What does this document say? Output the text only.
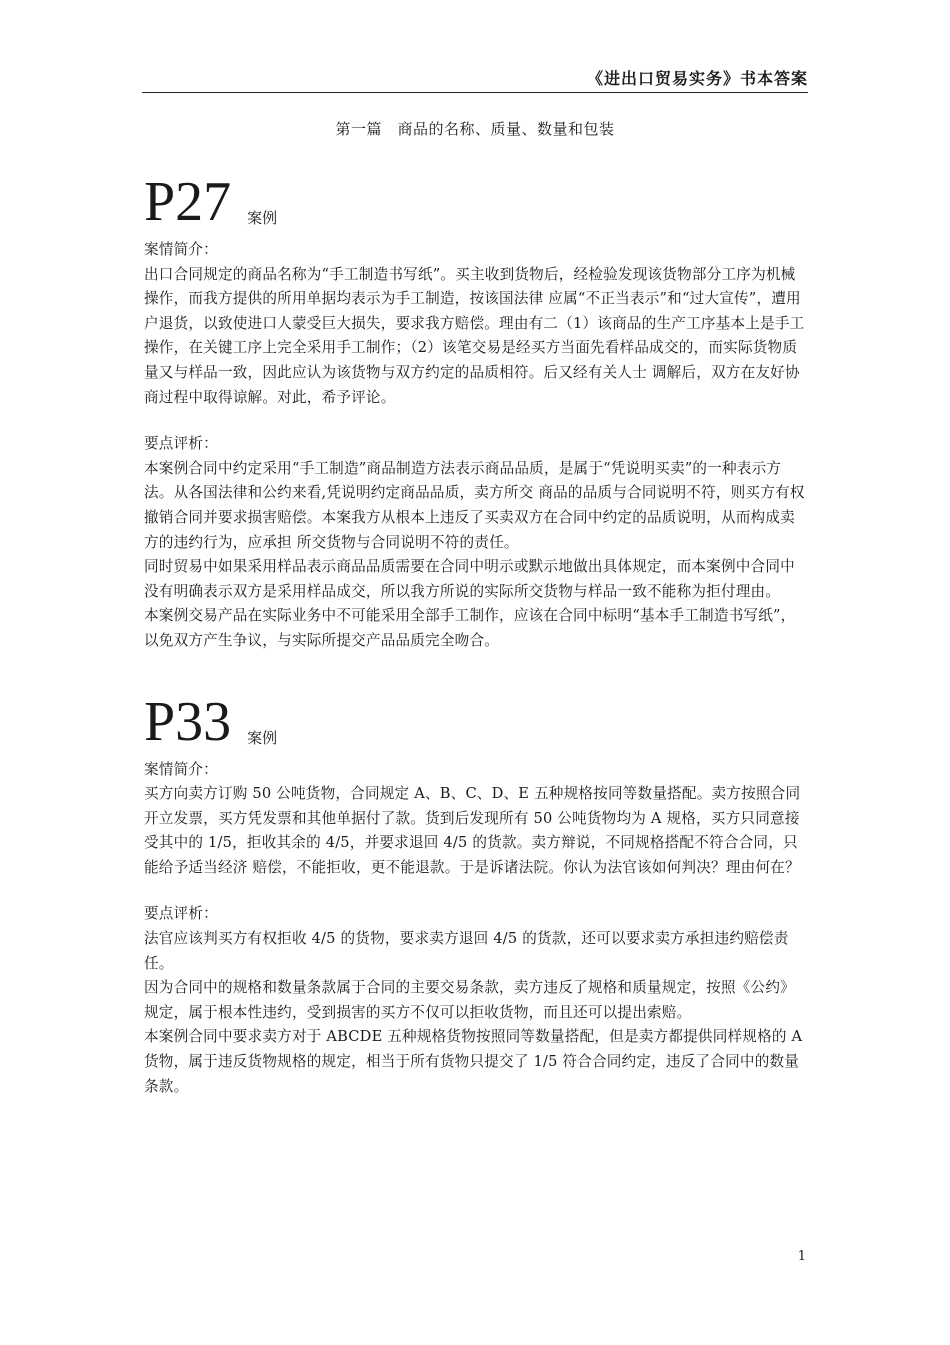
《进出口贸易实务》书本答案
第一篇　商品的名称、质量、数量和包装
P27 案例

案情简介：

出口合同规定的商品名称为“手工制造书写纸”。买主收到货物后，经检验发现该货物部分工序为机械操作，而我方提供的所用单据均表示为手工制造，按该国法律 应属“不正当表示”和“过大宣传”，遭用户退货，以致使进口人蒙受巨大损失，要求我方赔偿。理由有二（1）该商品的生产工序基本上是手工操作，在关键工序上完全采用手工制作；（2）该笔交易是经买方当面先看样品成交的，而实际货物质量又与样品一致，因此应认为该货物与双方约定的品质相符。后又经有关人士 调解后，双方在友好协商过程中取得谅解。对此，希予评论。

要点评析：

本案例合同中约定采用“手工制造”商品制造方法表示商品品质，是属于“凭说明买卖”的一种表示方法。从各国法律和公约来看,凭说明约定商品品质，卖方所交 商品的品质与合同说明不符，则买方有权撤销合同并要求损害赔偿。本案我方从根本上违反了买卖双方在合同中约定的品质说明，从而构成卖方的违约行为，应承担 所交货物与合同说明不符的责任。

同时贸易中如果采用样品表示商品品质需要在合同中明示或默示地做出具体规定，而本案例中合同中没有明确表示双方是采用样品成交，所以我方所说的实际所交货物与样品一致不能称为拒付理由。

本案例交易产品在实际业务中不可能采用全部手工制作，应该在合同中标明“基本手工制造书写纸”，以免双方产生争议，与实际所提交产品品质完全吻合。

P33 案例

案情简介：

买方向卖方订购 50 公吨货物，合同规定 A、B、C、D、E 五种规格按同等数量搭配。卖方按照合同开立发票，买方凭发票和其他单据付了款。货到后发现所有 50 公吨货物均为 A 规格，买方只同意接受其中的 1/5，拒收其余的 4/5，并要求退回 4/5 的货款。卖方辩说，不同规格搭配不符合合同，只能给予适当经济 赔偿，不能拒收，更不能退款。于是诉诸法院。你认为法官该如何判决？理由何在？

要点评析：

法官应该判买方有权拒收 4/5 的货物，要求卖方退回 4/5 的货款，还可以要求卖方承担违约赔偿责任。

因为合同中的规格和数量条款属于合同的主要交易条款，卖方违反了规格和质量规定，按照《公约》规定，属于根本性违约，受到损害的买方不仅可以拒收货物，而且还可以提出索赔。

本案例合同中要求卖方对于 ABCDE 五种规格货物按照同等数量搭配，但是卖方都提供同样规格的 A 货物，属于违反货物规格的规定，相当于所有货物只提交了 1/5 符合合同约定，违反了合同中的数量条款。

1
